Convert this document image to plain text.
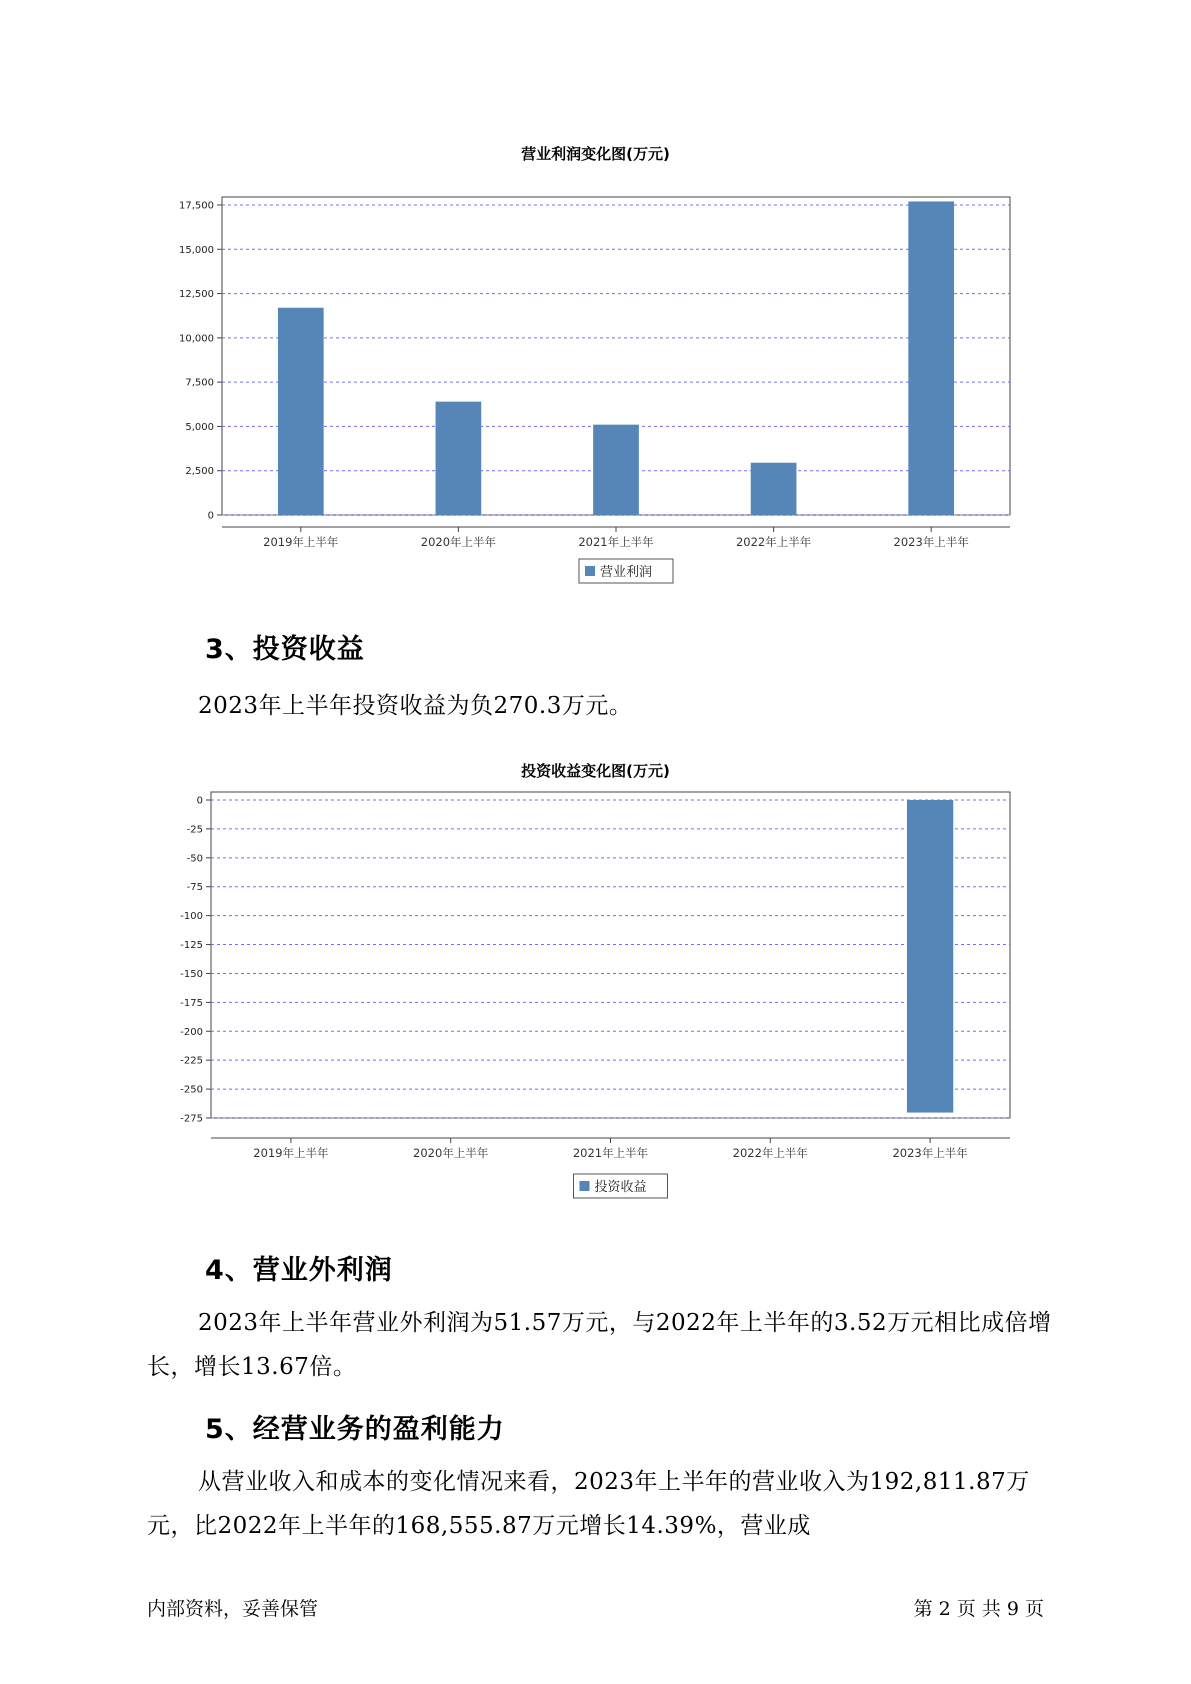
营业利润变化图(万元)
0
2,500
5,000
7,500
10,000
12,500
15,000
17,500
2019年上半年	2020年上半年	2021年上半年	2022年上半年	2023年上半年
营业利润
3、投资收益

2023年上半年投资收益为负270.3万元。

投资收益变化图(万元)
0
-25
-50
-75
-100
-125
-150
-175
-200
-225
-250
-275
2019年上半年	2020年上半年	2021年上半年	2022年上半年	2023年上半年
投资收益
4、营业外利润

2023年上半年营业外利润为51.57万元，与2022年上半年的3.52万元相比成倍增长，增长13.67倍。

5、经营业务的盈利能力

从营业收入和成本的变化情况来看，2023年上半年的营业收入为192,811.87万元，比2022年上半年的168,555.87万元增长14.39%，营业成

内部资料，妥善保管	第 2 页 共 9 页
